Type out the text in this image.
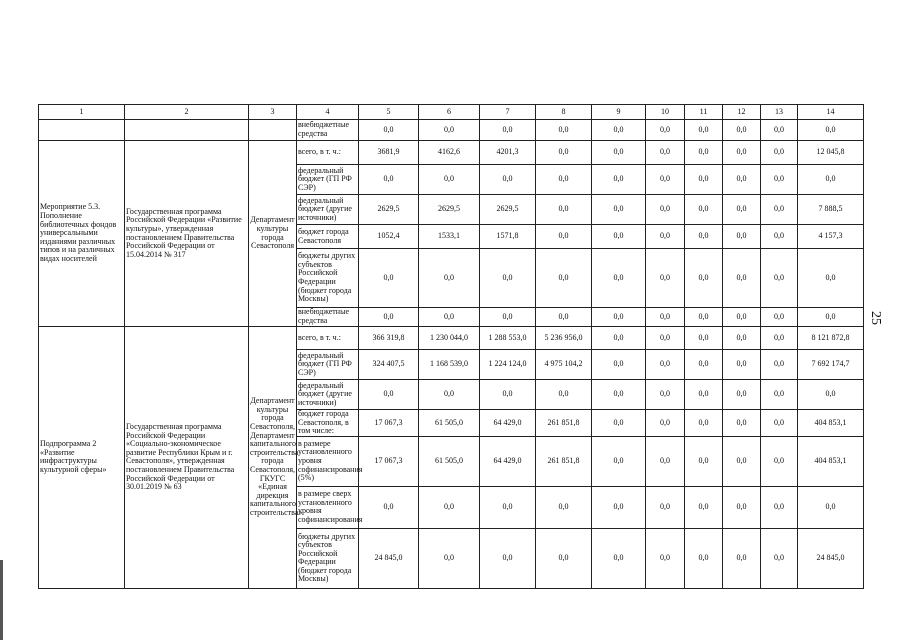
1	2	3	4	5	6	7	8	9	10	11	12	13	14
			внебюджетные средства	0,0	0,0	0,0	0,0	0,0	0,0	0,0	0,0	0,0	0,0
Мероприятие 5.3. Пополнение библиотечных фондов универсальными изданиями различных типов и на различных видах носителей	Государственная программа Российской Федерации «Развитие культуры», утвержденная постановлением Правительства Российской Федерации от 15.04.2014 № 317	Департамент культуры города Севастополя	всего, в т. ч.:	3681,9	4162,6	4201,3	0,0	0,0	0,0	0,0	0,0	0,0	12 045,8
			федеральный бюджет (ГП РФ СЭР)	0,0	0,0	0,0	0,0	0,0	0,0	0,0	0,0	0,0	0,0
			федеральный бюджет (другие источники)	2629,5	2629,5	2629,5	0,0	0,0	0,0	0,0	0,0	0,0	7 888,5
			бюджет города Севастополя	1052,4	1533,1	1571,8	0,0	0,0	0,0	0,0	0,0	0,0	4 157,3
			бюджеты других субъектов Российской Федерации (бюджет города Москвы)	0,0	0,0	0,0	0,0	0,0	0,0	0,0	0,0	0,0	0,0
			внебюджетные средства	0,0	0,0	0,0	0,0	0,0	0,0	0,0	0,0	0,0	0,0
Подпрограмма 2 «Развитие инфраструктуры культурной сферы»	Государственная программа Российской Федерации «Социально-экономическое развитие Республики Крым и г. Севастополя», утвержденная постановлением Правительства Российской Федерации от 30.01.2019 № 63	Департамент культуры города Севастополя, Департамент капитального строительства города Севастополя, ГКУГС «Единая дирекция капитального строительства»	всего, в т. ч.:	366 319,8	1 230 044,0	1 288 553,0	5 236 956,0	0,0	0,0	0,0	0,0	0,0	8 121 872,8
			федеральный бюджет (ГП РФ СЭР)	324 407,5	1 168 539,0	1 224 124,0	4 975 104,2	0,0	0,0	0,0	0,0	0,0	7 692 174,7
			федеральный бюджет (другие источники)	0,0	0,0	0,0	0,0	0,0	0,0	0,0	0,0	0,0	0,0
			бюджет города Севастополя, в том числе:	17 067,3	61 505,0	64 429,0	261 851,8	0,0	0,0	0,0	0,0	0,0	404 853,1
			в размере установленного уровня софинансирования (5%)	17 067,3	61 505,0	64 429,0	261 851,8	0,0	0,0	0,0	0,0	0,0	404 853,1
			в размере сверх установленного уровня софинансирования	0,0	0,0	0,0	0,0	0,0	0,0	0,0	0,0	0,0	0,0
			бюджеты других субъектов Российской Федерации (бюджет города Москвы)	24 845,0	0,0	0,0	0,0	0,0	0,0	0,0	0,0	0,0	24 845,0
25
